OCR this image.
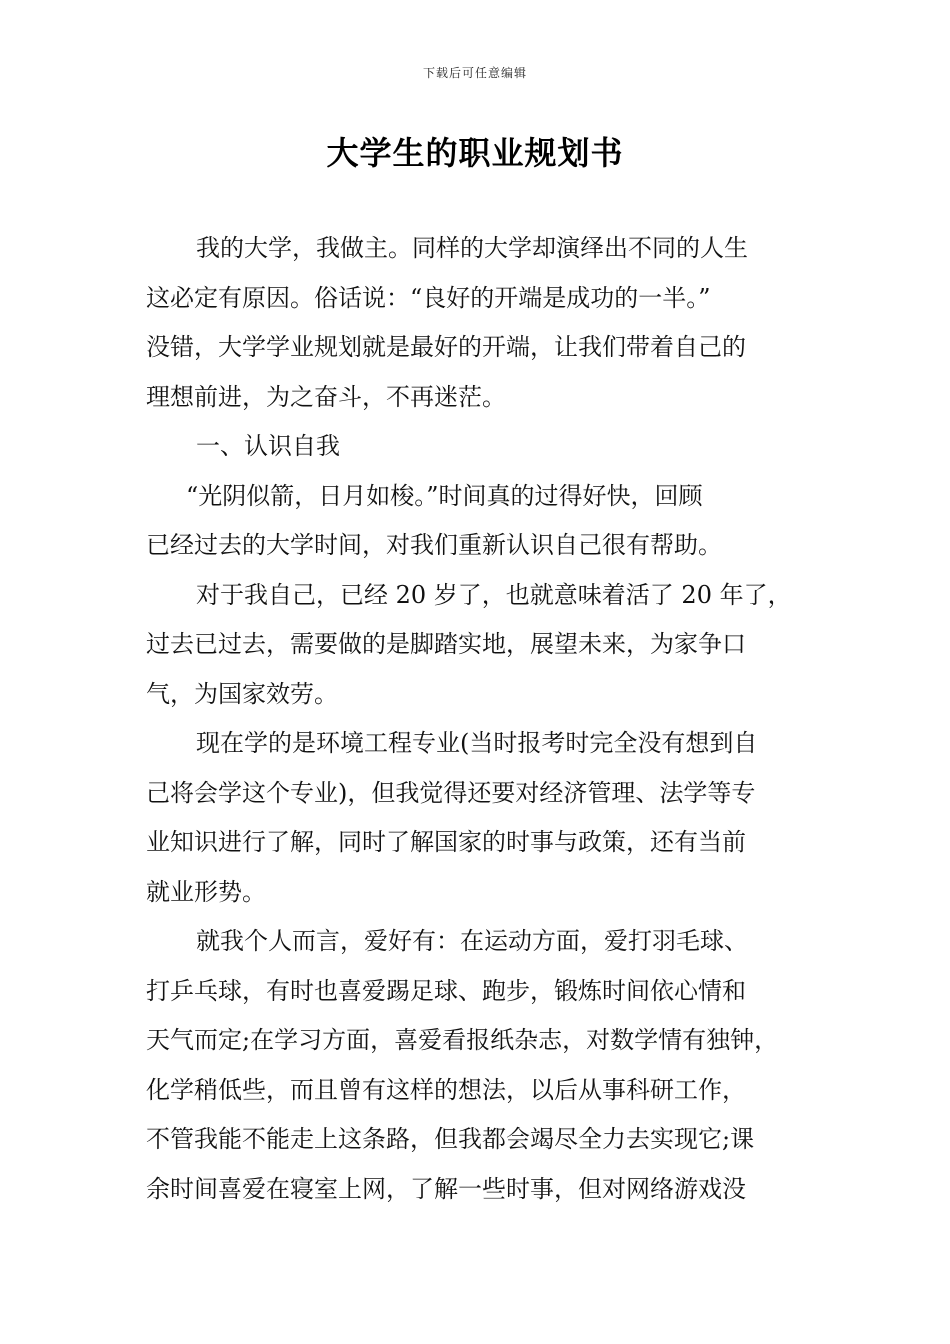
下载后可任意编辑
大学生的职业规划书
我的大学，我做主。同样的大学却演绎出不同的人生
这必定有原因。俗话说：“良好的开端是成功的一半。”
没错，大学学业规划就是最好的开端，让我们带着自己的
理想前进，为之奋斗，不再迷茫。
一、认识自我
“光阴似箭，日月如梭。”时间真的过得好快，回顾
已经过去的大学时间，对我们重新认识自己很有帮助。
对于我自己，已经 20 岁了，也就意味着活了 20 年了，
过去已过去，需要做的是脚踏实地，展望未来，为家争口
气，为国家效劳。
现在学的是环境工程专业(当时报考时完全没有想到自
己将会学这个专业)，但我觉得还要对经济管理、法学等专
业知识进行了解，同时了解国家的时事与政策，还有当前
就业形势。
就我个人而言，爱好有：在运动方面，爱打羽毛球、
打乒乓球，有时也喜爱踢足球、跑步，锻炼时间依心情和
天气而定;在学习方面，喜爱看报纸杂志，对数学情有独钟，
化学稍低些，而且曾有这样的想法，以后从事科研工作，
不管我能不能走上这条路，但我都会竭尽全力去实现它;课
余时间喜爱在寝室上网，了解一些时事，但对网络游戏没
